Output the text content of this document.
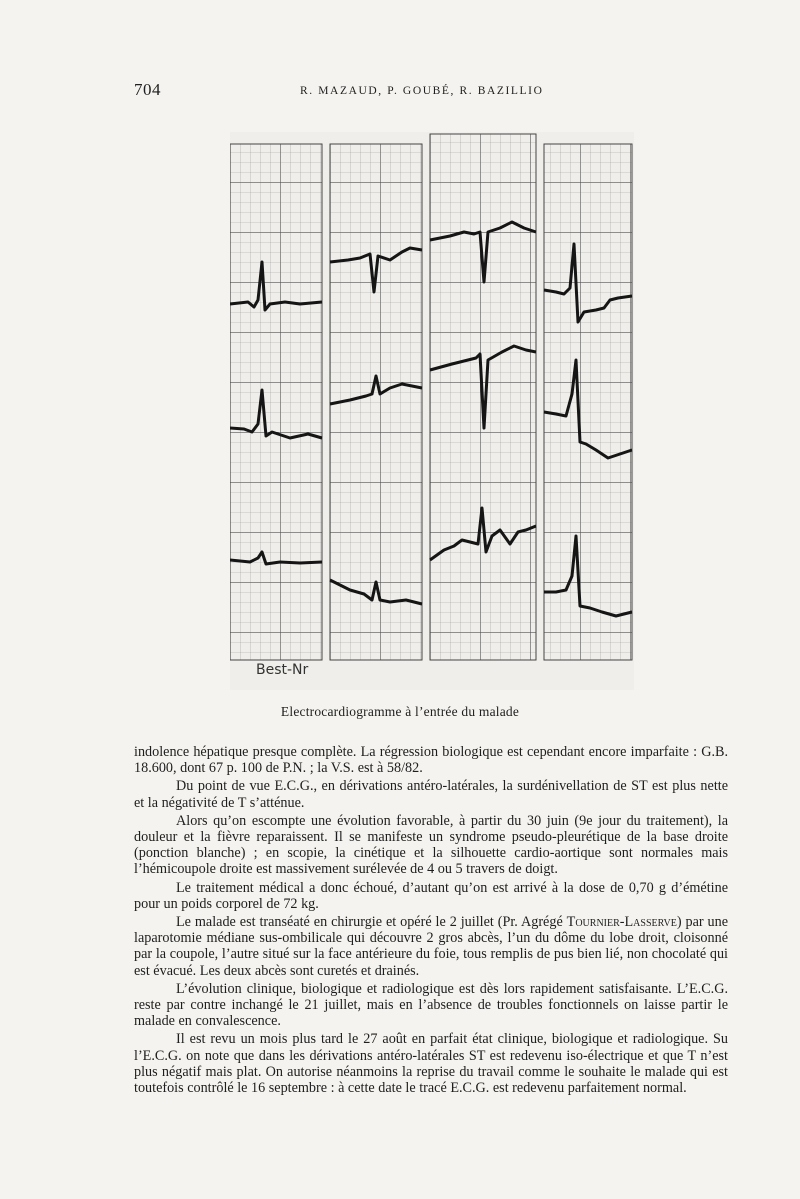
704	R. MAZAUD, P. GOUBÉ, R. BAZILLIO
Best-Nr
Electrocardiogramme à l’entrée du malade

indolence hépatique presque complète. La régression biologique est cependant encore imparfaite : G.B. 18.600, dont 67 p. 100 de P.N. ; la V.S. est à 58/82.

Du point de vue E.C.G., en dérivations antéro-latérales, la surdénivellation de ST est plus nette et la négativité de T s’atténue.

Alors qu’on escompte une évolution favorable, à partir du 30 juin (9e jour du traitement), la douleur et la fièvre reparaissent. Il se manifeste un syndrome pseudo-pleurétique de la base droite (ponction blanche) ; en scopie, la cinétique et la silhouette cardio-aortique sont normales mais l’hémicoupole droite est massivement surélevée de 4 ou 5 travers de doigt.

Le traitement médical a donc échoué, d’autant qu’on est arrivé à la dose de 0,70 g d’émétine pour un poids corporel de 72 kg.

Le malade est transéaté en chirurgie et opéré le 2 juillet (Pr. Agrégé Tournier-Lasserve) par une laparotomie médiane sus-ombilicale qui découvre 2 gros abcès, l’un du dôme du lobe droit, cloisonné par la coupole, l’autre situé sur la face antérieure du foie, tous remplis de pus bien lié, non chocolaté qui est évacué. Les deux abcès sont curetés et drainés.

L’évolution clinique, biologique et radiologique est dès lors rapidement satisfaisante. L’E.C.G. reste par contre inchangé le 21 juillet, mais en l’absence de troubles fonctionnels on laisse partir le malade en convalescence.

Il est revu un mois plus tard le 27 août en parfait état clinique, biologique et radiologique. Su l’E.C.G. on note que dans les dérivations antéro-latérales ST est redevenu iso-électrique et que T n’est plus négatif mais plat. On autorise néanmoins la reprise du travail comme le souhaite le malade qui est toutefois contrôlé le 16 septembre : à cette date le tracé E.C.G. est redevenu parfaitement normal.
